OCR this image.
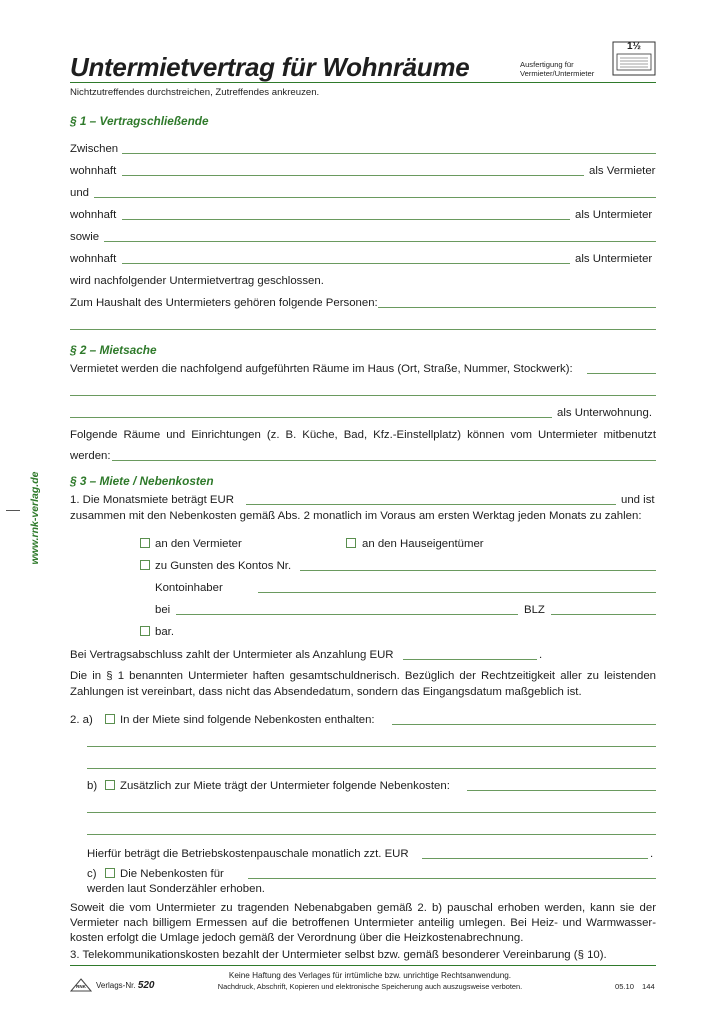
Untermietvertrag für Wohnräume	Ausfertigung für
Vermieter/Untermieter
1½
Nichtzutreffendes durchstreichen, Zutreffendes ankreuzen.
www.rnk-verlag.de
§ 1 – Vertragschließende
Zwischen
wohnhaft	als Vermieter
und
wohnhaft	als Untermieter
sowie
wohnhaft	als Untermieter
wird nachfolgender Untermietvertrag geschlossen.
Zum Haushalt des Untermieters gehören folgende Personen:
§ 2 – Mietsache
Vermietet werden die nachfolgend aufgeführten Räume im Haus (Ort, Straße, Nummer, Stockwerk):
als Unterwohnung.
Folgende Räume und Einrichtungen (z. B. Küche, Bad, Kfz.-Einstellplatz) können vom Untermieter mitbenutzt
werden:
§ 3 – Miete / Nebenkosten
1. Die Monatsmiete beträgt EUR	und ist
zusammen mit den Nebenkosten gemäß Abs. 2 monatlich im Voraus am ersten Werktag jeden Monats zu zahlen:
an den Vermieter	an den Hauseigentümer
zu Gunsten des Kontos Nr.
Kontoinhaber
bei	BLZ
bar.
Bei Vertragsabschluss zahlt der Untermieter als Anzahlung EUR	.
Die in § 1 benannten Untermieter haften gesamtschuldnerisch. Bezüglich der Rechtzeitigkeit aller zu leistenden
Zahlungen ist vereinbart, dass nicht das Absendedatum, sondern das Eingangsdatum maßgeblich ist.
2. a) In der Miete sind folgende Nebenkosten enthalten:
b) Zusätzlich zur Miete trägt der Untermieter folgende Nebenkosten:
Hierfür beträgt die Betriebskostenpauschale monatlich zzt. EUR	.
c) Die Nebenkosten für
werden laut Sonderzähler erhoben.
Soweit die vom Untermieter zu tragenden Nebenabgaben gemäß 2. b) pauschal erhoben werden, kann sie der
Vermieter nach billigem Ermessen auf die betroffenen Untermieter anteilig umlegen. Bei Heiz- und Warmwasser-
kosten erfolgt die Umlage jedoch gemäß der Verordnung über die Heizkostenabrechnung.
3. Telekommunikationskosten bezahlt der Untermieter selbst bzw. gemäß besonderer Vereinbarung (§ 10).
RNK	Verlags-Nr. 520
Keine Haftung des Verlages für irrtümliche bzw. unrichtige Rechtsanwendung.
Nachdruck, Abschrift, Kopieren und elektronische Speicherung auch auszugsweise verboten.	05.10 144
